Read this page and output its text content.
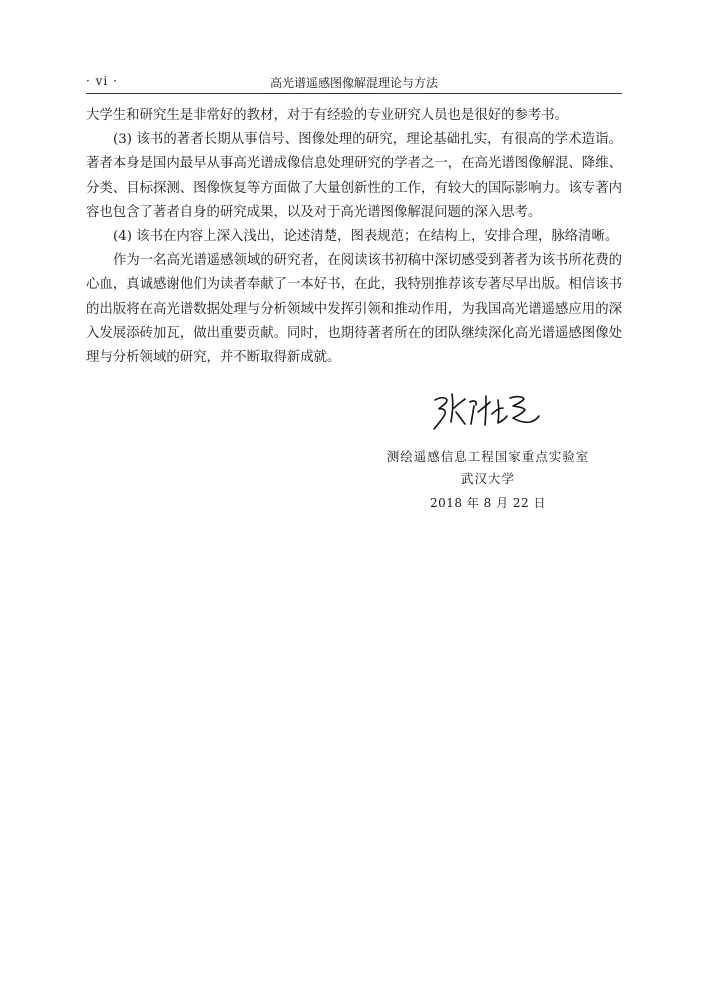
· vi ·	高光谱遥感图像解混理论与方法

大学生和研究生是非常好的教材，对于有经验的专业研究人员也是很好的参考书。

(3) 该书的著者长期从事信号、图像处理的研究，理论基础扎实，有很高的学术造诣。著者本身是国内最早从事高光谱成像信息处理研究的学者之一，在高光谱图像解混、降维、分类、目标探测、图像恢复等方面做了大量创新性的工作，有较大的国际影响力。该专著内容也包含了著者自身的研究成果，以及对于高光谱图像解混问题的深入思考。

(4) 该书在内容上深入浅出，论述清楚，图表规范；在结构上，安排合理，脉络清晰。

作为一名高光谱遥感领域的研究者，在阅读该书初稿中深切感受到著者为该书所花费的心血，真诚感谢他们为读者奉献了一本好书，在此，我特别推荐该专著尽早出版。相信该书的出版将在高光谱数据处理与分析领域中发挥引领和推动作用，为我国高光谱遥感应用的深入发展添砖加瓦，做出重要贡献。同时，也期待著者所在的团队继续深化高光谱遥感图像处理与分析领域的研究，并不断取得新成就。

测绘遥感信息工程国家重点实验室
武汉大学
2018 年 8 月 22 日
